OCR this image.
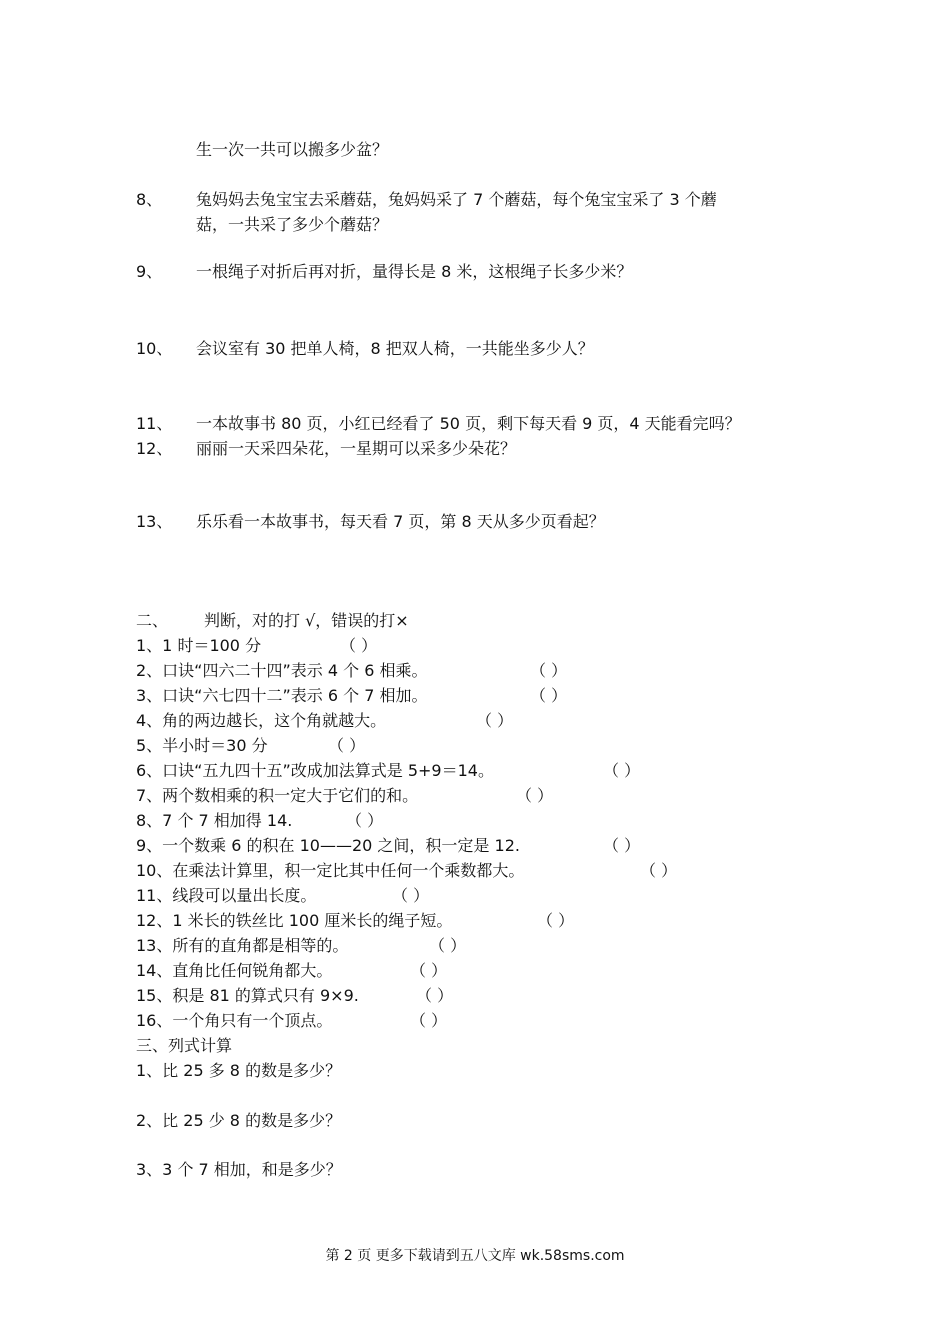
生一次一共可以搬多少盆？
8、 兔妈妈去兔宝宝去采蘑菇，兔妈妈采了 7 个蘑菇，每个兔宝宝采了 3 个蘑
菇，一共采了多少个蘑菇？
9、 一根绳子对折后再对折，量得长是 8 米，这根绳子长多少米？
10、 会议室有 30 把单人椅，8 把双人椅，一共能坐多少人？
11、 一本故事书 80 页，小红已经看了 50 页，剩下每天看 9 页，4 天能看完吗？
12、 丽丽一天采四朵花，一星期可以采多少朵花？
13、 乐乐看一本故事书，每天看 7 页，第 8 天从多少页看起？
二、 判断，对的打 √，错误的打×
1、1 时＝100 分	（ ）
2、口诀“四六二十四”表示 4 个 6 相乘。	（ ）
3、口诀“六七四十二”表示 6 个 7 相加。	（ ）
4、角的两边越长，这个角就越大。	（ ）
5、半小时＝30 分	（ ）
6、口诀“五九四十五”改成加法算式是 5+9＝14。	（ ）
7、两个数相乘的积一定大于它们的和。	（ ）
8、7 个 7 相加得 14.	（ ）
9、一个数乘 6 的积在 10——20 之间，积一定是 12.	（ ）
10、在乘法计算里，积一定比其中任何一个乘数都大。	（ ）
11、线段可以量出长度。	（ ）
12、1 米长的铁丝比 100 厘米长的绳子短。	（ ）
13、所有的直角都是相等的。	（ ）
14、直角比任何锐角都大。	（ ）
15、积是 81 的算式只有 9×9.	（ ）
16、一个角只有一个顶点。	（ ）
三、列式计算
1、比 25 多 8 的数是多少？
2、比 25 少 8 的数是多少？
3、3 个 7 相加，和是多少？
第 2 页 更多下载请到五八文库 wk.58sms.com
